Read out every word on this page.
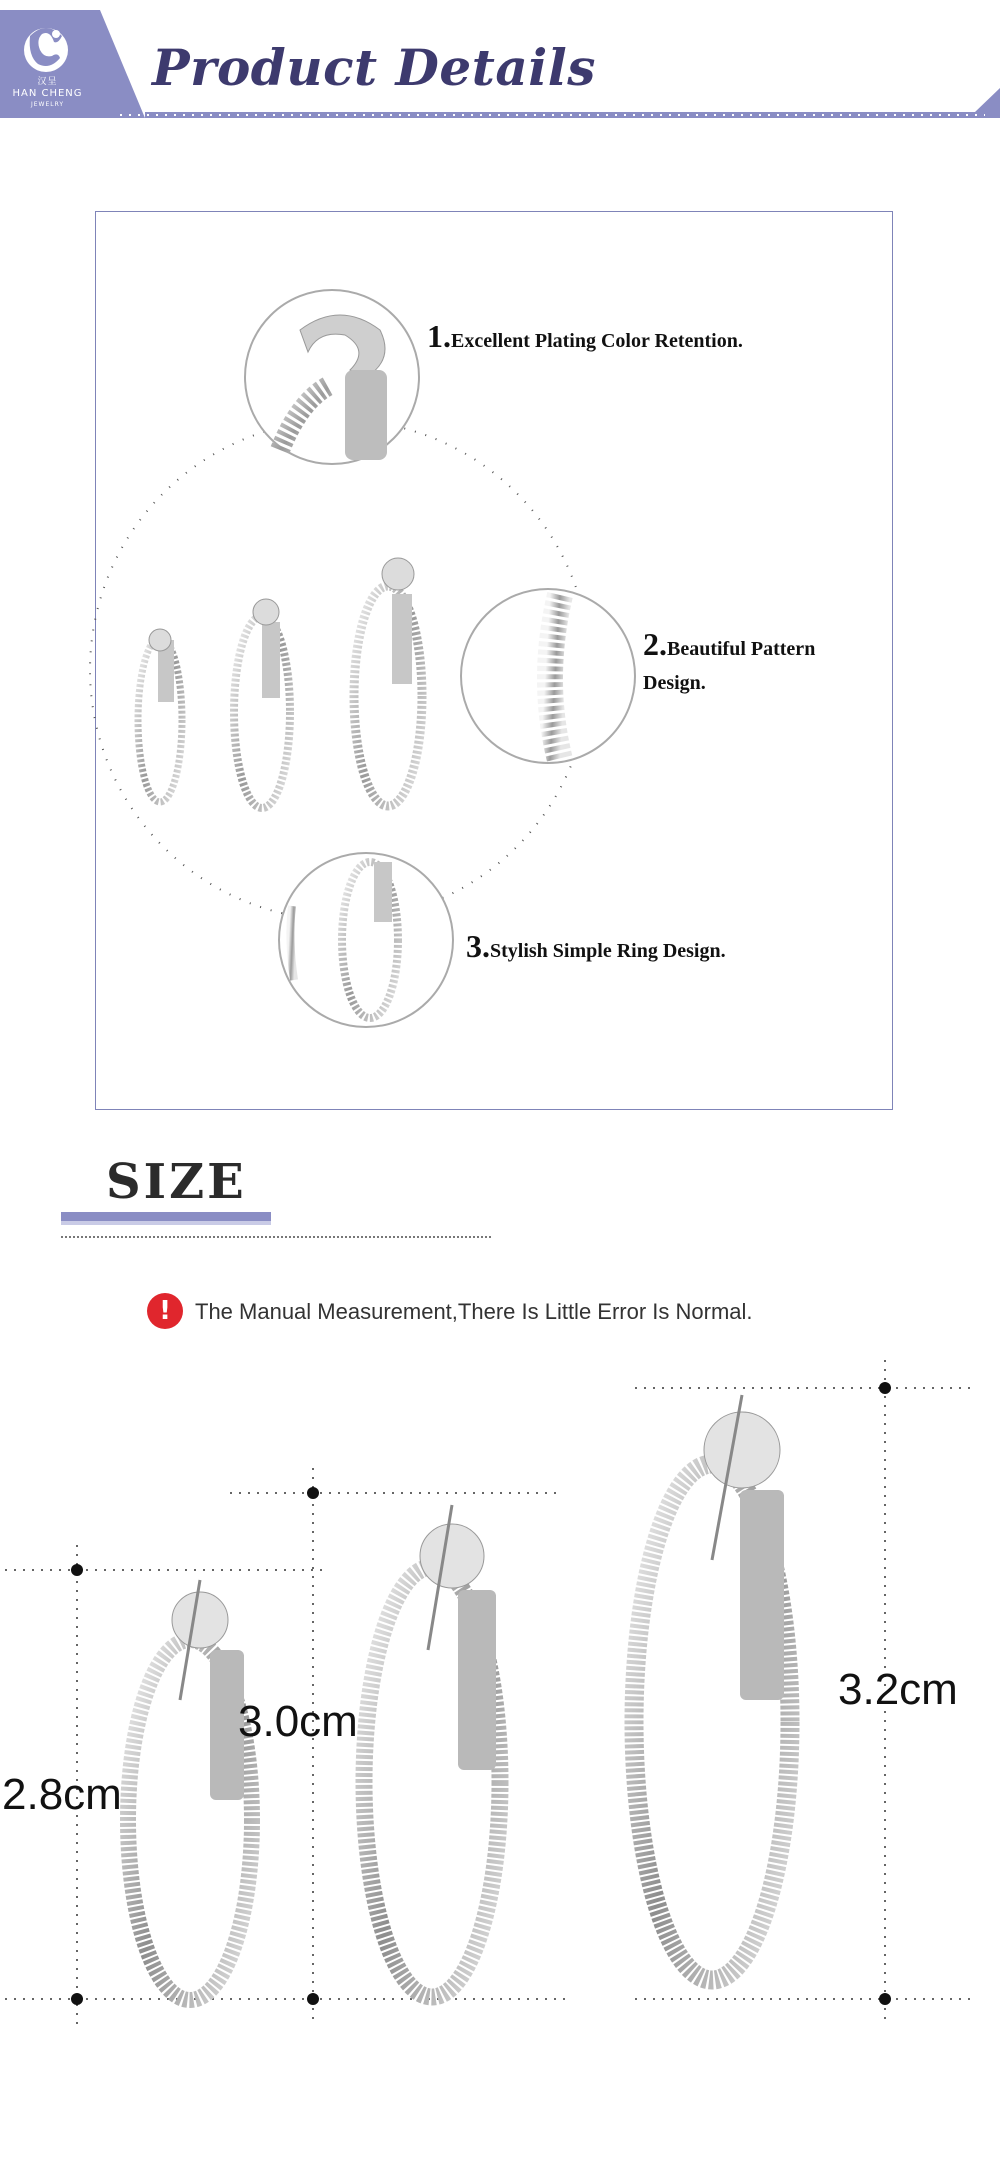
汉呈
HAN CHENG
JEWELRY
Product Details
1.Excellent Plating Color Retention.
2.Beautiful Pattern Design.
3.Stylish Simple Ring Design.
SIZE
!	The Manual Measurement,There Is Little Error Is Normal.
2.8cm
3.0cm
3.2cm
